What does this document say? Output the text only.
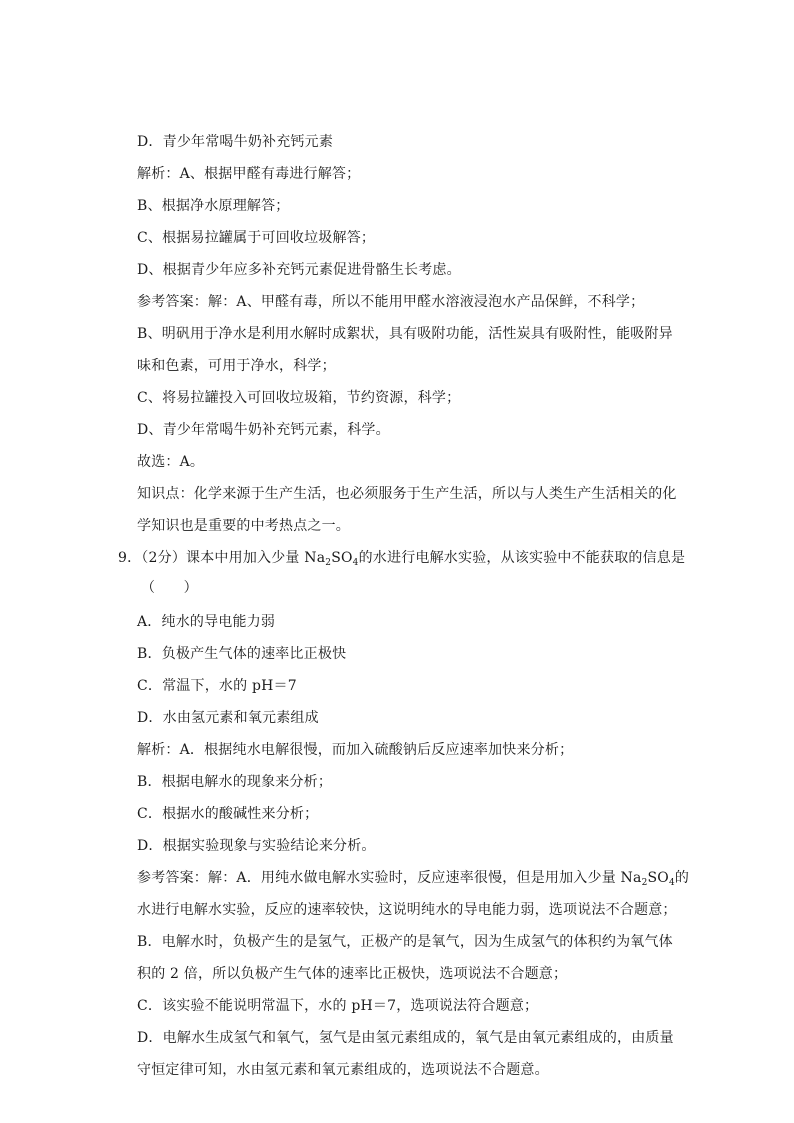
D．青少年常喝牛奶补充钙元素
解析：A、根据甲醛有毒进行解答；
B、根据净水原理解答；
C、根据易拉罐属于可回收垃圾解答；
D、根据青少年应多补充钙元素促进骨骼生长考虑。
参考答案：解：A、甲醛有毒，所以不能用甲醛水溶液浸泡水产品保鲜，不科学；
B、明矾用于净水是利用水解时成絮状，具有吸附功能，活性炭具有吸附性，能吸附异
味和色素，可用于净水，科学；
C、将易拉罐投入可回收垃圾箱，节约资源，科学；
D、青少年常喝牛奶补充钙元素，科学。
故选：A。
知识点：化学来源于生产生活，也必须服务于生产生活，所以与人类生产生活相关的化
学知识也是重要的中考热点之一。
9．（2分）课本中用加入少量 $Na_2SO_4$的水进行电解水实验，从该实验中不能获取的信息是
（　　）
A．纯水的导电能力弱
B．负极产生气体的速率比正极快
C．常温下，水的 pH＝7
D．水由氢元素和氧元素组成
解析：A．根据纯水电解很慢，而加入硫酸钠后反应速率加快来分析；
B．根据电解水的现象来分析；
C．根据水的酸碱性来分析；
D．根据实验现象与实验结论来分析。
参考答案：解：A．用纯水做电解水实验时，反应速率很慢，但是用加入少量 $Na_2SO_4$的
水进行电解水实验，反应的速率较快，这说明纯水的导电能力弱，选项说法不合题意；
B．电解水时，负极产生的是氢气，正极产的是氧气，因为生成氢气的体积约为氧气体
积的 2 倍，所以负极产生气体的速率比正极快，选项说法不合题意；
C．该实验不能说明常温下，水的 pH＝7，选项说法符合题意；
D．电解水生成氢气和氧气，氢气是由氢元素组成的，氧气是由氧元素组成的，由质量
守恒定律可知，水由氢元素和氧元素组成的，选项说法不合题意。
